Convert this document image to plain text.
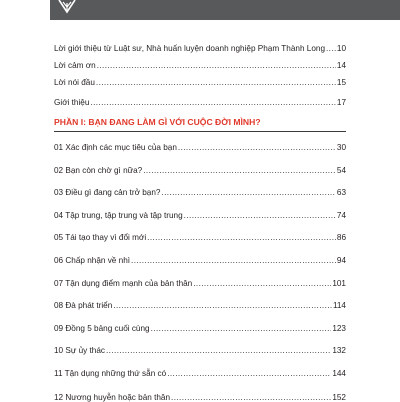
Lời giới thiệu từ Luật sư, Nhà huấn luyện doanh nghiệp Phạm Thành Long ..... 10
Lời cảm ơn .....	14
Lời nói đầu .....	15
Giới thiệu .....	17
PHẦN I: BẠN ĐANG LÀM GÌ VỚI CUỘC ĐỜI MÌNH?
01 Xác định các mục tiêu của bạn .....	30
02 Bạn còn chờ gì nữa? .....	54
03 Điều gì đang cản trở bạn? .....	63
04 Tập trung, tập trung và tập trung .....	74
05 Tái tạo thay vì đổi mới .....	86
06 Chấp nhận về nhì .....	94
07 Tận dụng điểm mạnh của bản thân .....	101
08 Đà phát triển .....	114
09 Đồng 5 bảng cuối cùng .....	123
10 Sự ủy thác .....	132
11 Tận dụng những thứ sẵn có .....	144
12 Nương huyễn hoặc bản thân .....	152
